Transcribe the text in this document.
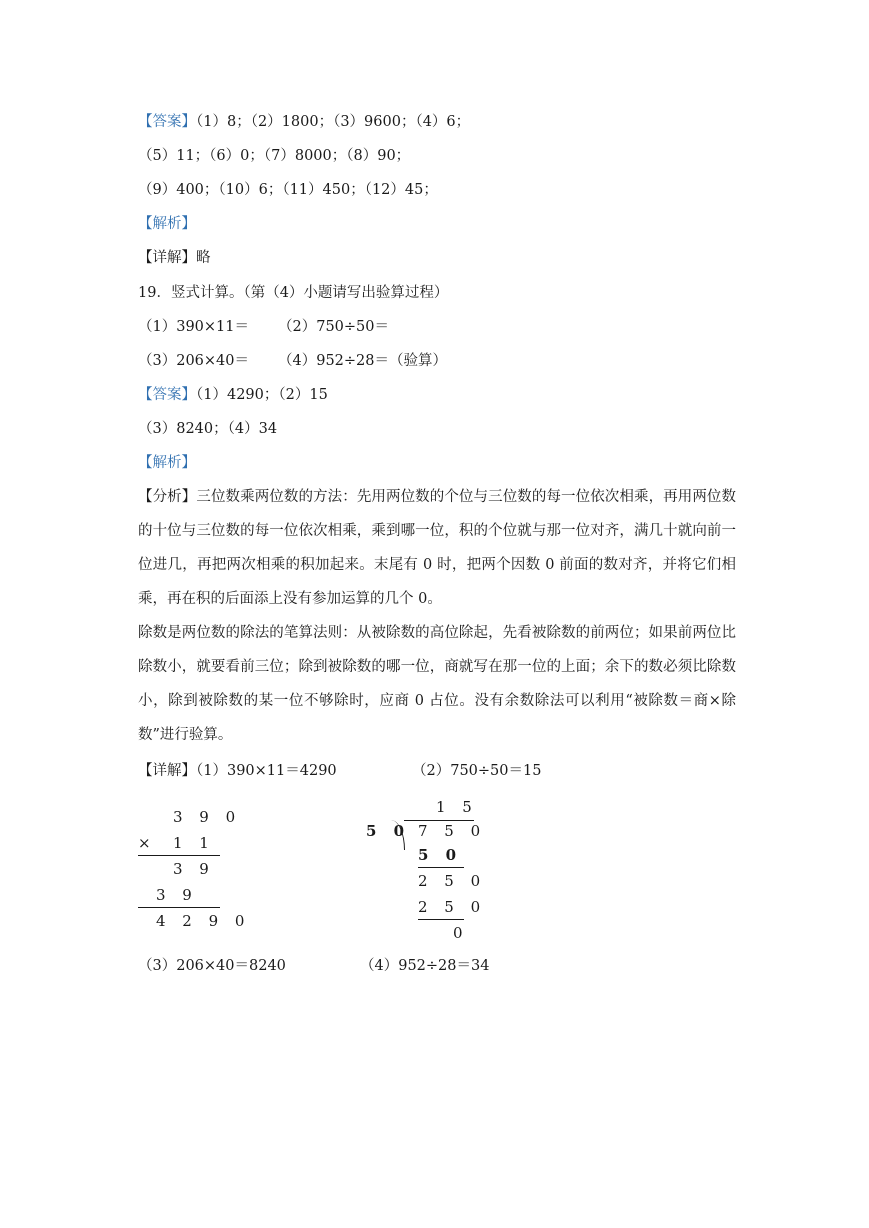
【答案】（1）8；（2）1800；（3）9600；（4）6；
（5）11；（6）0；（7）8000；（8）90；
（9）400；（10）6；（11）450；（12）45；
【解析】
【详解】略
19．竖式计算。（第（4）小题请写出验算过程）
（1）390×11＝ （2）750÷50＝
（3）206×40＝ （4）952÷28＝（验算）
【答案】（1）4290；（2）15
（3）8240；（4）34
【解析】
【分析】三位数乘两位数的方法：先用两位数的个位与三位数的每一位依次相乘，再用两位数的十位与三位数的每一位依次相乘，乘到哪一位，积的个位就与那一位对齐，满几十就向前一位进几，再把两次相乘的积加起来。末尾有 0 时，把两个因数 0 前面的数对齐，并将它们相乘，再在积的后面添上没有参加运算的几个 0。
除数是两位数的除法的笔算法则：从被除数的高位除起，先看被除数的前两位；如果前两位比除数小，就要看前三位；除到被除数的哪一位，商就写在那一位的上面；余下的数必须比除数小，除到被除数的某一位不够除时，应商 0 占位。没有余数除法可以利用“被除数＝商×除数”进行验算。
【详解】（1）390×11＝4290	（2）750÷50＝15
3 9 0
× 1 1
3 9
3 9
4 2 9 0
1 5
5 0 7 5 0
5 0
2 5 0
2 5 0
0
（3）206×40＝8240	（4）952÷28＝34
